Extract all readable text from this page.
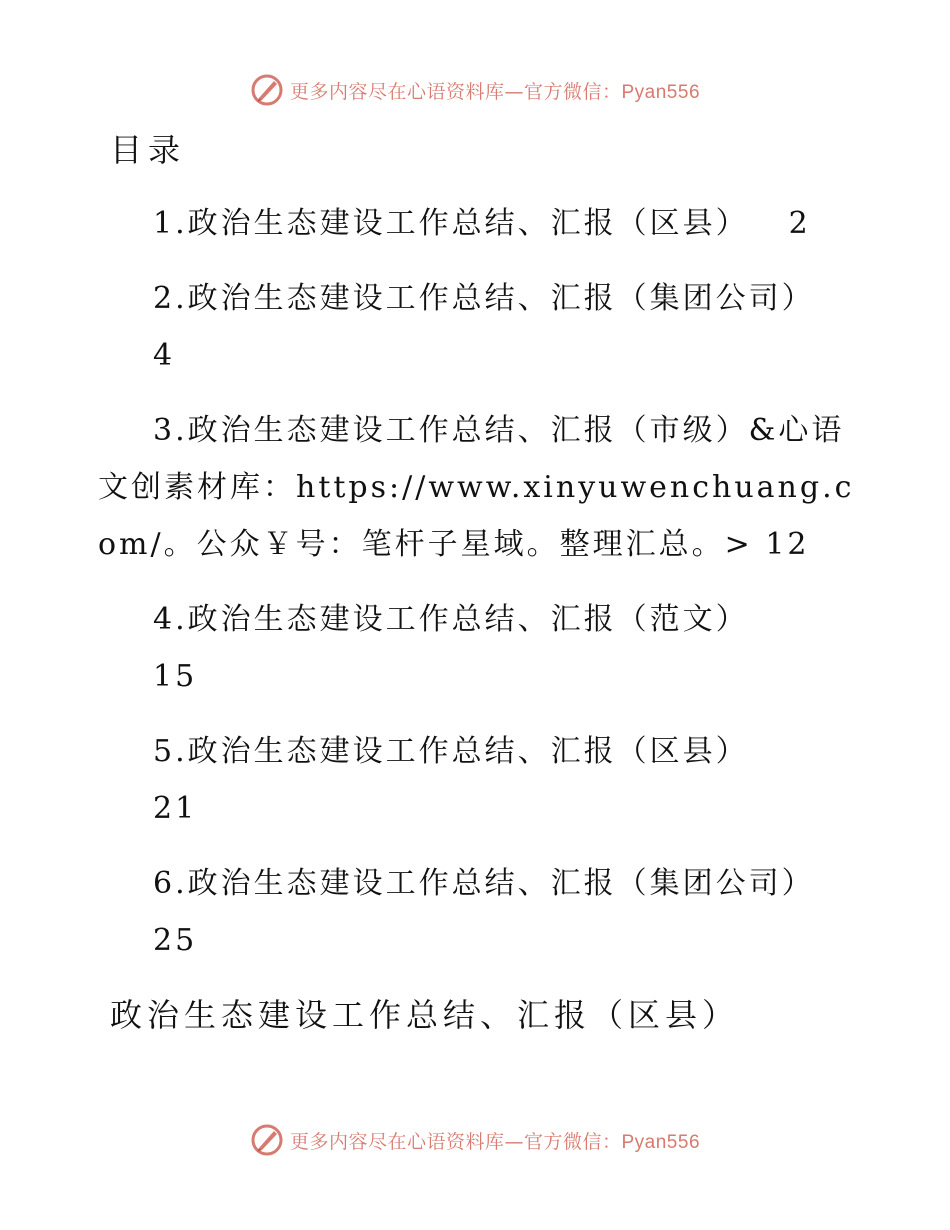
更多内容尽在心语资料库—官方微信：Pyan556
目录
1.政治生态建设工作总结、汇报（区县） 2
2.政治生态建设工作总结、汇报（集团公司）
4
3.政治生态建设工作总结、汇报（市级）&心语文创素材库：https://www.xinyuwenchuang.com/。公众￥号：笔杆子星域。整理汇总。> 12
4.政治生态建设工作总结、汇报（范文）
15
5.政治生态建设工作总结、汇报（区县）
21
6.政治生态建设工作总结、汇报（集团公司）
25
政治生态建设工作总结、汇报（区县）
更多内容尽在心语资料库—官方微信：Pyan556
